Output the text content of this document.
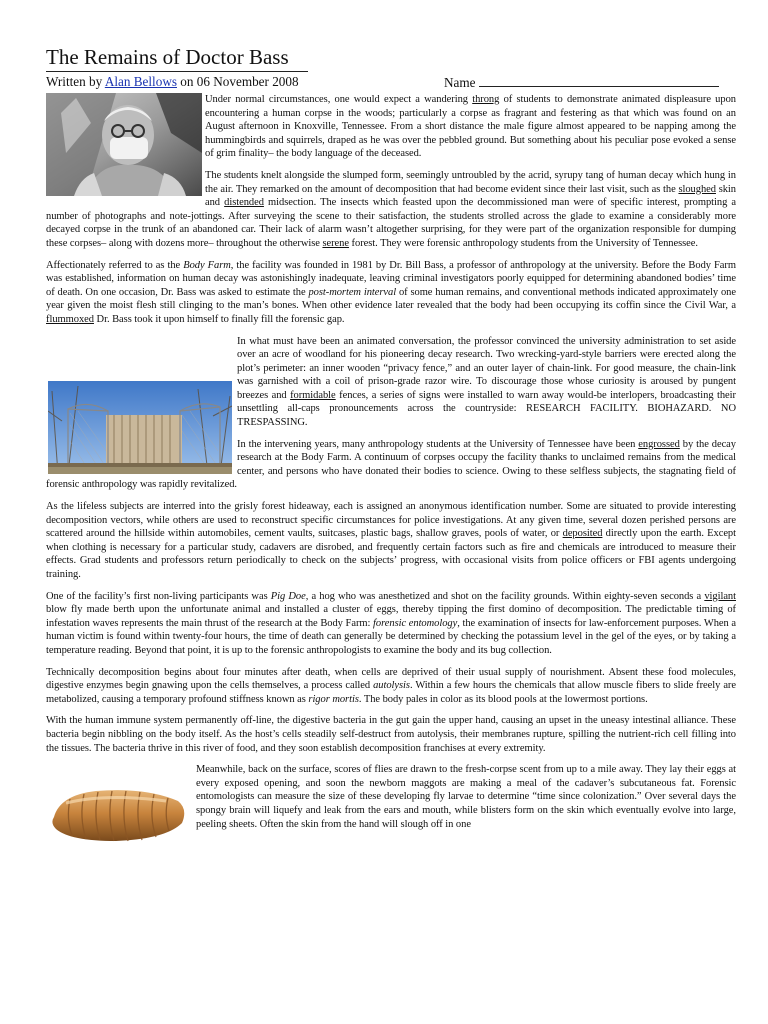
The Remains of Doctor Bass
Written by Alan Bellows on 06 November 2008	Name

Under normal circumstances, one would expect a wandering throng of students to demonstrate animated displeasure upon encountering a human corpse in the woods; particularly a corpse as fragrant and festering as that which was found on an August afternoon in Knoxville, Tennessee. From a short distance the male figure almost appeared to be napping among the hummingbirds and squirrels, draped as he was over the pebbled ground. But something about his peculiar pose evoked a sense of grim finality– the body language of the deceased.

The students knelt alongside the slumped form, seemingly untroubled by the acrid, syrupy tang of human decay which hung in the air. They remarked on the amount of decomposition that had become evident since their last visit, such as the sloughed skin and distended midsection. The insects which feasted upon the decommissioned man were of specific interest, prompting a number of photographs and note-jottings. After surveying the scene to their satisfaction, the students strolled across the glade to examine a considerably more decayed corpse in the trunk of an abandoned car. Their lack of alarm wasn’t altogether surprising, for they were part of the organization responsible for dumping these corpses– along with dozens more– throughout the otherwise serene forest. They were forensic anthropology students from the University of Tennessee.

Affectionately referred to as the Body Farm, the facility was founded in 1981 by Dr. Bill Bass, a professor of anthropology at the university. Before the Body Farm was established, information on human decay was astonishingly inadequate, leaving criminal investigators poorly equipped for determining abandoned bodies’ time of death. On one occasion, Dr. Bass was asked to estimate the post-mortem interval of some human remains, and conventional methods indicated approximately one year given the moist flesh still clinging to the man’s bones. When other evidence later revealed that the body had been occupying its coffin since the Civil War, a flummoxed Dr. Bass took it upon himself to finally fill the forensic gap.

In what must have been an animated conversation, the professor convinced the university administration to set aside over an acre of woodland for his pioneering decay research. Two wrecking-yard-style barriers were erected along the plot’s perimeter: an inner wooden “privacy fence,” and an outer layer of chain-link. For good measure, the chain-link was garnished with a coil of prison-grade razor wire. To discourage those whose curiosity is aroused by pungent breezes and formidable fences, a series of signs were installed to warn away would-be interlopers, broadcasting their unsettling all-caps pronouncements across the countryside: RESEARCH FACILITY. BIOHAZARD. NO TRESPASSING.

In the intervening years, many anthropology students at the University of Tennessee have been engrossed by the decay research at the Body Farm. A continuum of corpses occupy the facility thanks to unclaimed remains from the medical center, and persons who have donated their bodies to science. Owing to these selfless subjects, the stagnating field of forensic anthropology was rapidly revitalized.

As the lifeless subjects are interred into the grisly forest hideaway, each is assigned an anonymous identification number. Some are situated to provide interesting decomposition vectors, while others are used to reconstruct specific circumstances for police investigations. At any given time, several dozen perished persons are scattered around the hillside within automobiles, cement vaults, suitcases, plastic bags, shallow graves, pools of water, or deposited directly upon the earth. Except when clothing is necessary for a particular study, cadavers are disrobed, and frequently certain factors such as fire and chemicals are introduced to measure their effects. Grad students and professors return periodically to check on the subjects’ progress, with occasional visits from police officers or FBI agents undergoing training.

One of the facility’s first non-living participants was Pig Doe, a hog who was anesthetized and shot on the facility grounds. Within eighty-seven seconds a vigilant blow fly made berth upon the unfortunate animal and installed a cluster of eggs, thereby tipping the first domino of decomposition. The predictable timing of infestation waves represents the main thrust of the research at the Body Farm: forensic entomology, the examination of insects for law-enforcement purposes. When a human victim is found within twenty-four hours, the time of death can generally be determined by checking the potassium level in the gel of the eyes, or by taking a temperature reading. Beyond that point, it is up to the forensic anthropologists to examine the body and its bug collection.

Technically decomposition begins about four minutes after death, when cells are deprived of their usual supply of nourishment. Absent these food molecules, digestive enzymes begin gnawing upon the cells themselves, a process called autolysis. Within a few hours the chemicals that allow muscle fibers to slide freely are metabolized, causing a temporary profound stiffness known as rigor mortis. The body pales in color as its blood pools at the lowermost portions.

With the human immune system permanently off-line, the digestive bacteria in the gut gain the upper hand, causing an upset in the uneasy intestinal alliance. These bacteria begin nibbling on the body itself. As the host’s cells steadily self-destruct from autolysis, their membranes rupture, spilling the nutrient-rich cell filling into the tissues. The bacteria thrive in this river of food, and they soon establish decomposition franchises at every extremity.

Meanwhile, back on the surface, scores of flies are drawn to the fresh-corpse scent from up to a mile away. They lay their eggs at every exposed opening, and soon the newborn maggots are making a meal of the cadaver’s subcutaneous fat. Forensic entomologists can measure the size of these developing fly larvae to determine “time since colonization.” Over several days the spongy brain will liquefy and leak from the ears and mouth, while blisters form on the skin which eventually evolve into large, peeling sheets. Often the skin from the hand will slough off in one
